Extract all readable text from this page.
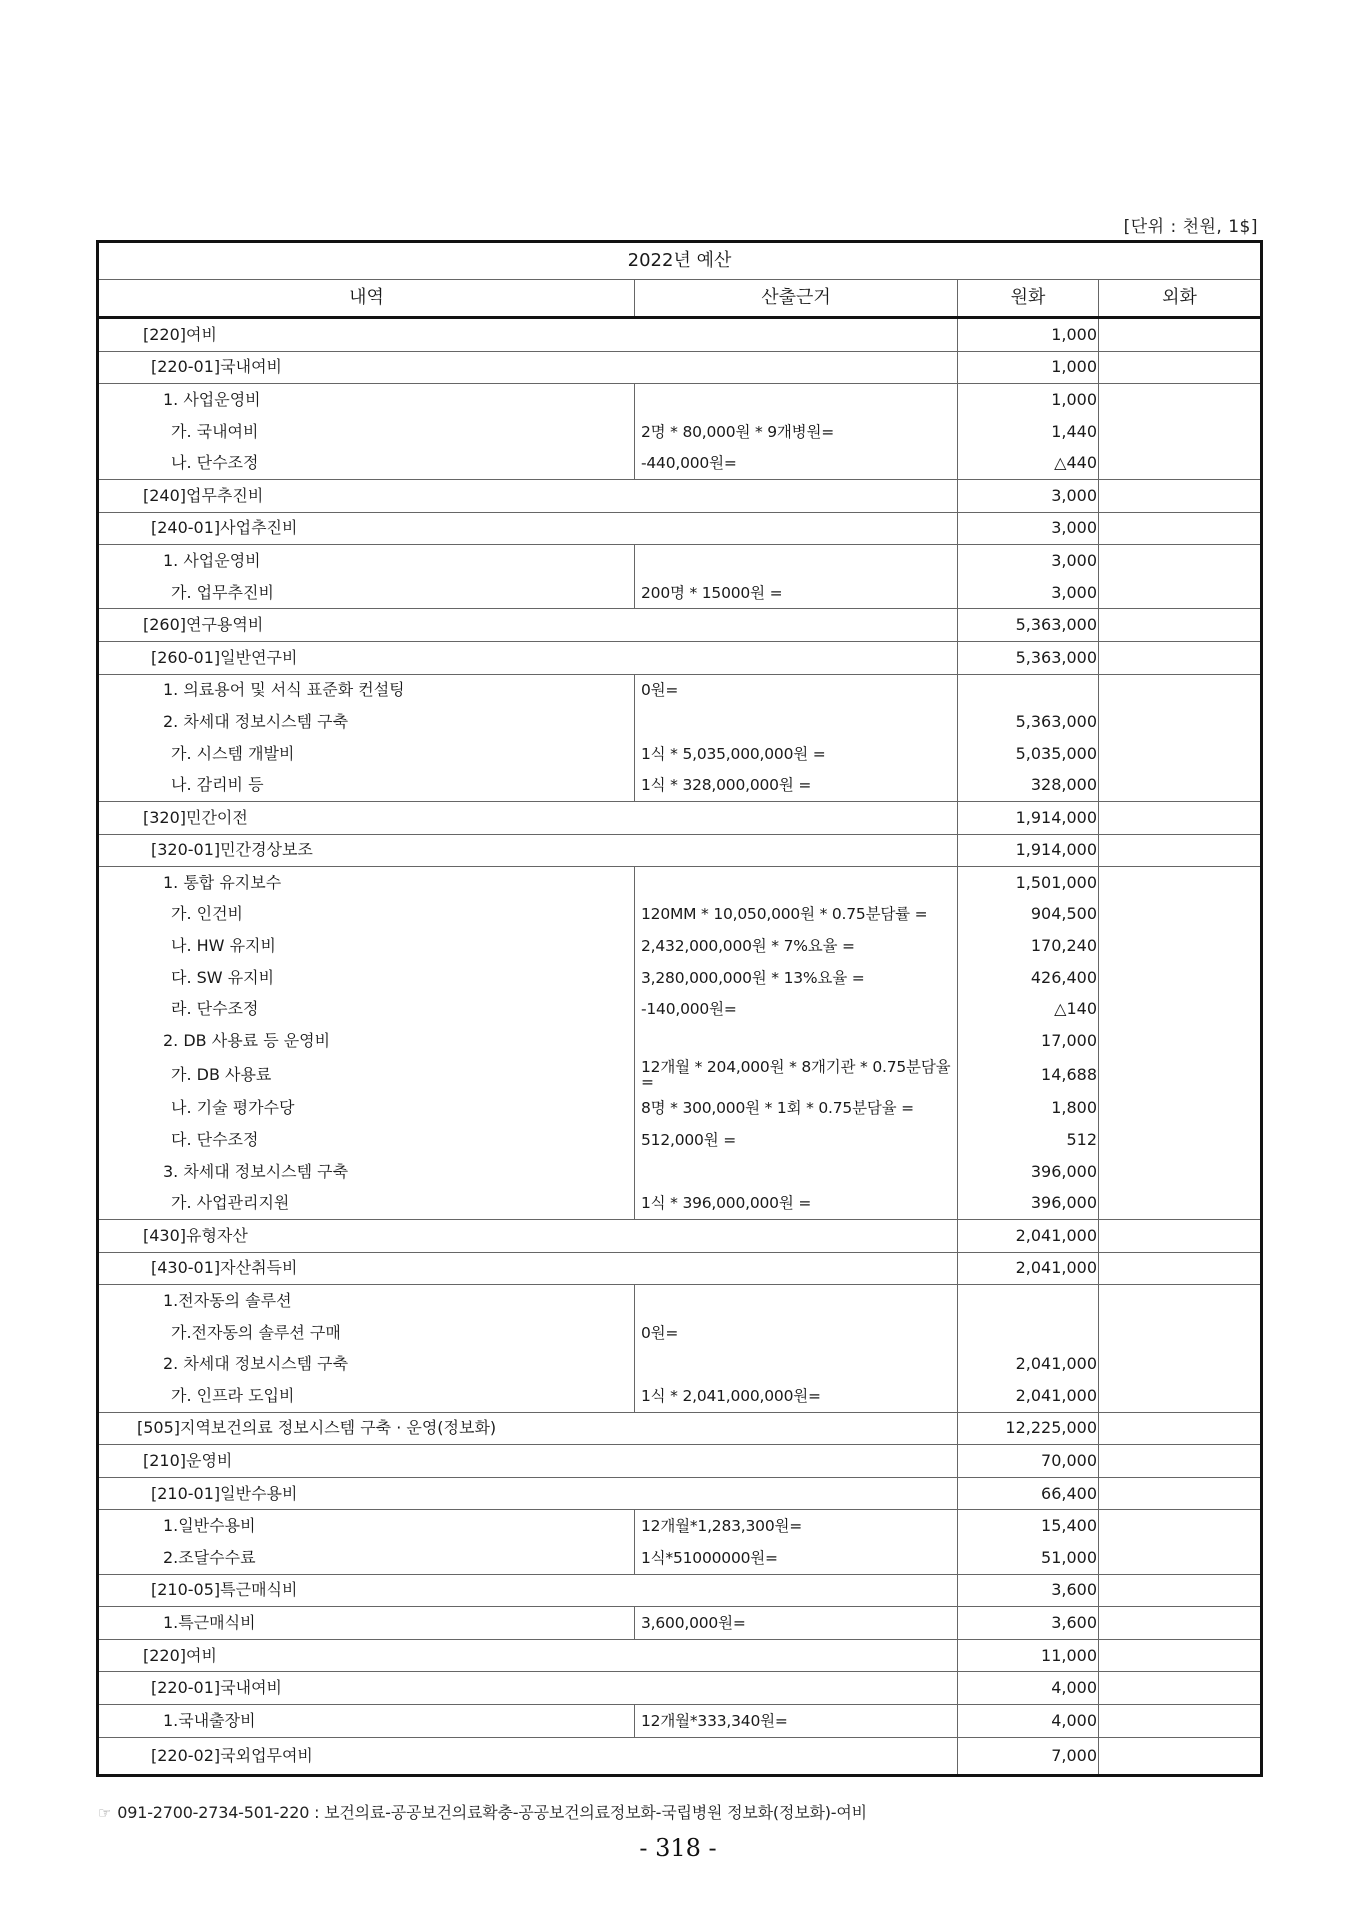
[단위 : 천원, 1$]
2022년 예산			
내역	산출근거	원화	외화
[220]여비		1,000	
[220-01]국내여비		1,000	
1. 사업운영비		1,000	
가. 국내여비	2명 * 80,000원 * 9개병원=	1,440	
나. 단수조정	-440,000원=	△440	
[240]업무추진비		3,000	
[240-01]사업추진비		3,000	
1. 사업운영비		3,000	
가. 업무추진비	200명 * 15000원 =	3,000	
[260]연구용역비		5,363,000	
[260-01]일반연구비		5,363,000	
1. 의료용어 및 서식 표준화 컨설팅	0원=		
2. 차세대 정보시스템 구축		5,363,000	
가. 시스템 개발비	1식 * 5,035,000,000원 =	5,035,000	
나. 감리비 등	1식 * 328,000,000원 =	328,000	
[320]민간이전		1,914,000	
[320-01]민간경상보조		1,914,000	
1. 통합 유지보수		1,501,000	
가. 인건비	120MM * 10,050,000원 * 0.75분담률 =	904,500	
나. HW 유지비	2,432,000,000원 * 7%요율 =	170,240	
다. SW 유지비	3,280,000,000원 * 13%요율 =	426,400	
라. 단수조정	-140,000원=	△140	
2. DB 사용료 등 운영비		17,000	
가. DB 사용료	12개월 * 204,000원 * 8개기관 * 0.75분담율 =	14,688	
나. 기술 평가수당	8명 * 300,000원 * 1회 * 0.75분담율 =	1,800	
다. 단수조정	512,000원 =	512	
3. 차세대 정보시스템 구축		396,000	
가. 사업관리지원	1식 * 396,000,000원 =	396,000	
[430]유형자산		2,041,000	
[430-01]자산취득비		2,041,000	
1.전자동의 솔루션			
가.전자동의 솔루션 구매	0원=		
2. 차세대 정보시스템 구축		2,041,000	
가. 인프라 도입비	1식 * 2,041,000,000원=	2,041,000	
[505]지역보건의료 정보시스템 구축 · 운영(정보화)		12,225,000	
[210]운영비		70,000	
[210-01]일반수용비		66,400	
1.일반수용비	12개월*1,283,300원=	15,400	
2.조달수수료	1식*51000000원=	51,000	
[210-05]특근매식비		3,600	
1.특근매식비	3,600,000원=	3,600	
[220]여비		11,000	
[220-01]국내여비		4,000	
1.국내출장비	12개월*333,340원=	4,000	
[220-02]국외업무여비		7,000	
☞ 091-2700-2734-501-220 : 보건의료-공공보건의료확충-공공보건의료정보화-국립병원 정보화(정보화)-여비
- 318 -
